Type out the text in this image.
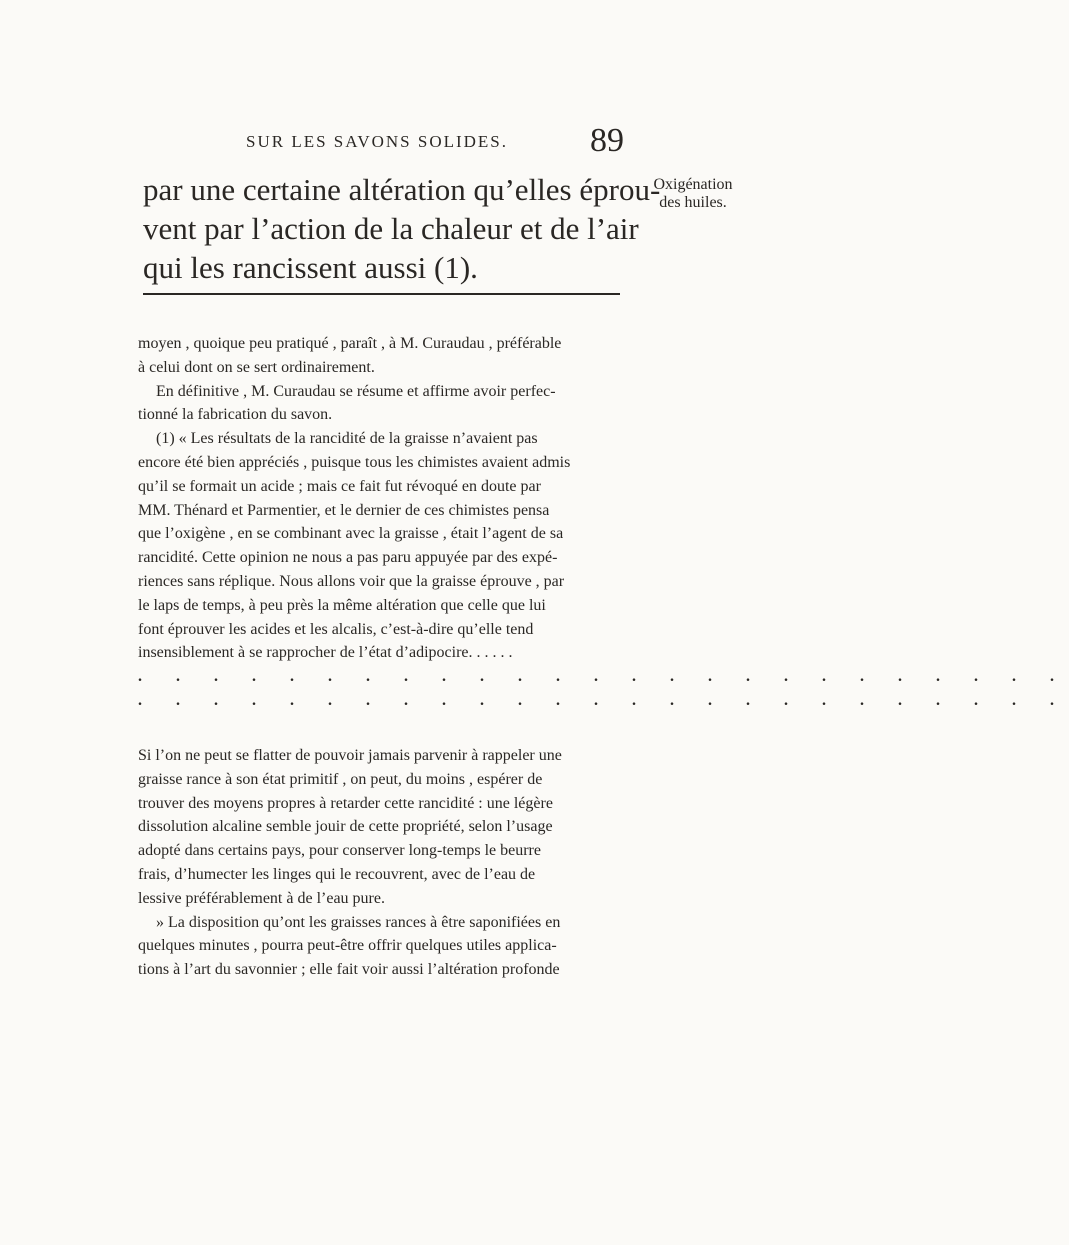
SUR LES SAVONS SOLIDES. 89

par une certaine altération qu’elles éprou-

vent par l’action de la chaleur et de l’air

qui les rancissent aussi (1).

Oxigénation

des huiles.

moyen , quoique peu pratiqué , paraît , à M. Curaudau , préférable
à celui dont on se sert ordinairement.
En définitive , M. Curaudau se résume et affirme avoir perfec-
tionné la fabrication du savon.
(1) « Les résultats de la rancidité de la graisse n’avaient pas
encore été bien appréciés , puisque tous les chimistes avaient admis
qu’il se formait un acide ; mais ce fait fut révoqué en doute par
MM. Thénard et Parmentier, et le dernier de ces chimistes pensa
que l’oxigène , en se combinant avec la graisse , était l’agent de sa
rancidité. Cette opinion ne nous a pas paru appuyée par des expé-
riences sans réplique. Nous allons voir que la graisse éprouve , par
le laps de temps, à peu près la même altération que celle que lui
font éprouver les acides et les alcalis, c’est-à-dire qu’elle tend
insensiblement à se rapprocher de l’état d’adipocire. . . . . .
. . . . . . . . . . . . . . . . . . . . . . . . .
. . . . . . . . . . . . . . . . . . . . . . . . .
Si l’on ne peut se flatter de pouvoir jamais parvenir à rappeler une
graisse rance à son état primitif , on peut, du moins , espérer de
trouver des moyens propres à retarder cette rancidité : une légère
dissolution alcaline semble jouir de cette propriété, selon l’usage
adopté dans certains pays, pour conserver long-temps le beurre
frais, d’humecter les linges qui le recouvrent, avec de l’eau de
lessive préférablement à de l’eau pure.
» La disposition qu’ont les graisses rances à être saponifiées en
quelques minutes , pourra peut-être offrir quelques utiles applica-
tions à l’art du savonnier ; elle fait voir aussi l’altération profonde
